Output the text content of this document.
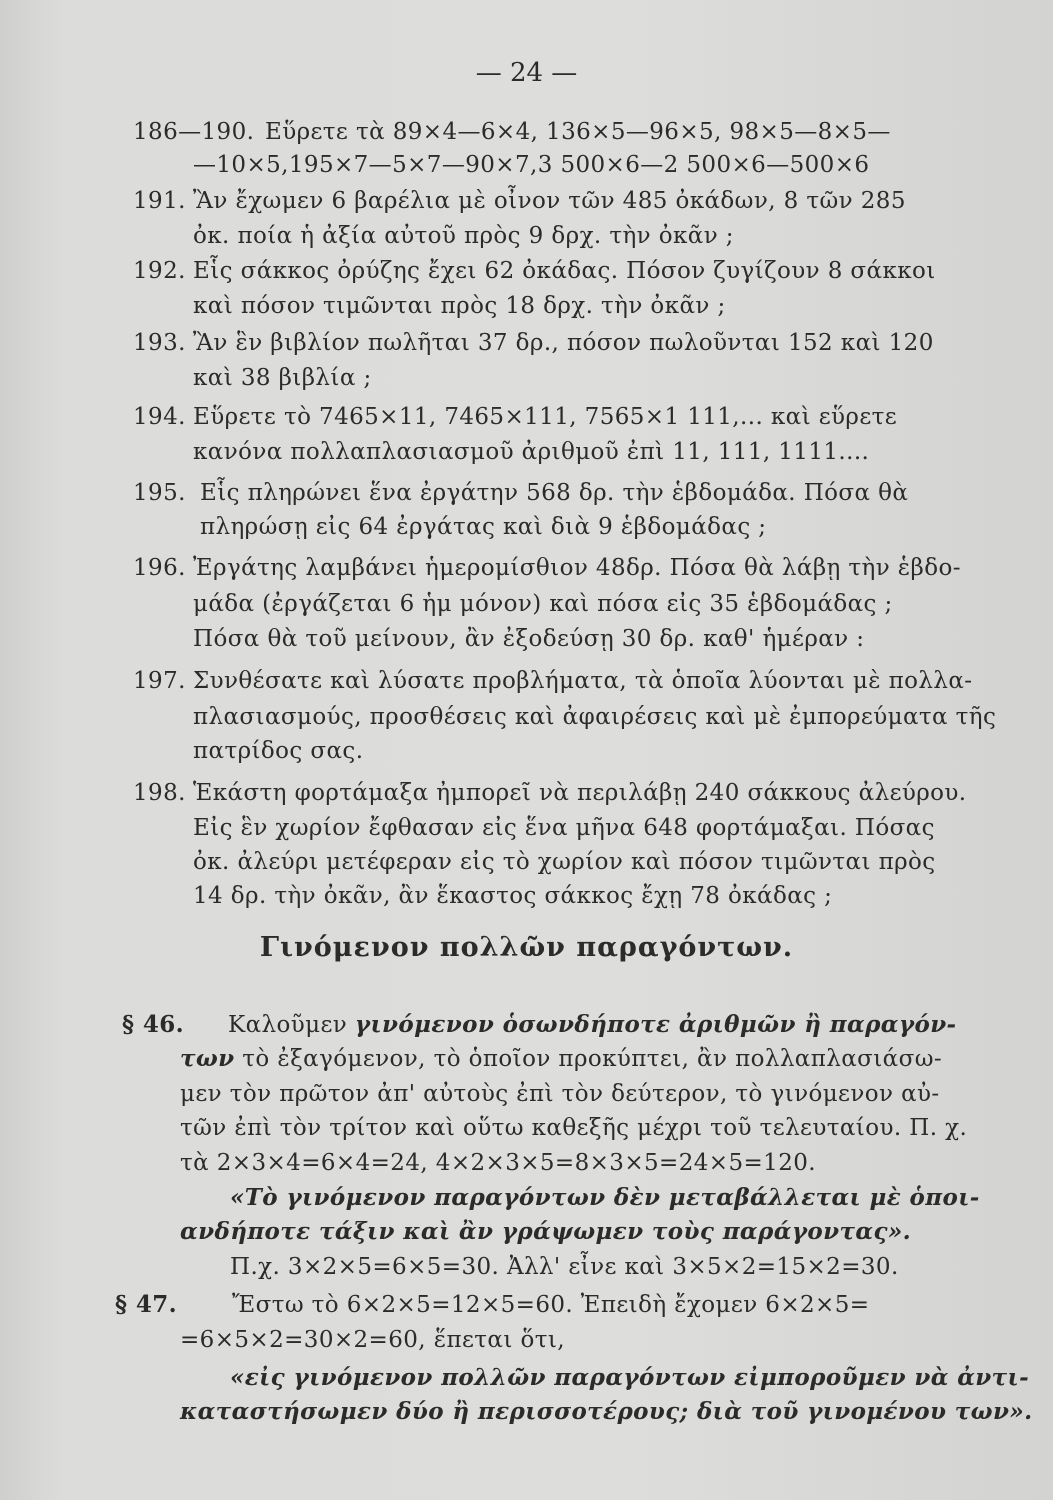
— 24 —
186—190. Εὕρετε τὰ 89×4—6×4, 136×5—96×5, 98×5—8×5—
—10×5,195×7—5×7—90×7,3 500×6—2 500×6—500×6
191. Ἂν ἔχωμεν 6 βαρέλια μὲ οἶνον τῶν 485 ὀκάδων, 8 τῶν 285
ὀκ. ποία ἡ ἀξία αὐτοῦ πρὸς 9 δρχ. τὴν ὀκᾶν ;
192. Εἷς σάκκος ὀρύζης ἔχει 62 ὀκάδας. Πόσον ζυγίζουν 8 σάκκοι
καὶ πόσον τιμῶνται πρὸς 18 δρχ. τὴν ὀκᾶν ;
193. Ἂν ἓν βιβλίον πωλῆται 37 δρ., πόσον πωλοῦνται 152 καὶ 120
καὶ 38 βιβλία ;
194. Εὕρετε τὸ 7465×11, 7465×111, 7565×1 111,... καὶ εὕρετε
κανόνα πολλαπλασιασμοῦ ἀριθμοῦ ἐπὶ 11, 111, 1111....
195. Εἷς πληρώνει ἕνα ἐργάτην 568 δρ. τὴν ἑβδομάδα. Πόσα θὰ
πληρώσῃ εἰς 64 ἐργάτας καὶ διὰ 9 ἑβδομάδας ;
196. Ἐργάτης λαμβάνει ἡμερομίσθιον 48δρ. Πόσα θὰ λάβῃ τὴν ἑβδο-
μάδα (ἐργάζεται 6 ἡμ μόνον) καὶ πόσα εἰς 35 ἑβδομάδας ;
Πόσα θὰ τοῦ μείνουν, ἂν ἐξοδεύσῃ 30 δρ. καθ' ἡμέραν :
197. Συνθέσατε καὶ λύσατε προβλήματα, τὰ ὁποῖα λύονται μὲ πολλα-
πλασιασμούς, προσθέσεις καὶ ἀφαιρέσεις καὶ μὲ ἐμπορεύματα τῆς
πατρίδος σας.
198. Ἑκάστη φορτάμαξα ἠμπορεῖ νὰ περιλάβῃ 240 σάκκους ἀλεύρου.
Εἰς ἓν χωρίον ἔφθασαν εἰς ἕνα μῆνα 648 φορτάμαξαι. Πόσας
ὀκ. ἀλεύρι μετέφεραν εἰς τὸ χωρίον καὶ πόσον τιμῶνται πρὸς
14 δρ. τὴν ὀκᾶν, ἂν ἕκαστος σάκκος ἔχῃ 78 ὀκάδας ;
Γινόμενον πολλῶν παραγόντων.
§ 46. Καλοῦμεν γινόμενον ὁσωνδήποτε ἀριθμῶν ἢ παραγόν-
των τὸ ἐξαγόμενον, τὸ ὁποῖον προκύπτει, ἂν πολλαπλασιάσω-
μεν τὸν πρῶτον ἀπ' αὐτοὺς ἐπὶ τὸν δεύτερον, τὸ γινόμενον αὐ-
τῶν ἐπὶ τὸν τρίτον καὶ οὕτω καθεξῆς μέχρι τοῦ τελευταίου. Π. χ.
τὰ 2×3×4=6×4=24, 4×2×3×5=8×3×5=24×5=120.
«Τὸ γινόμενον παραγόντων δὲν μεταβάλλεται μὲ ὁποι-
ανδήποτε τάξιν καὶ ἂν γράψωμεν τοὺς παράγοντας».
Π.χ. 3×2×5=6×5=30. Ἀλλ' εἶνε καὶ 3×5×2=15×2=30.
§ 47. Ἔστω τὸ 6×2×5=12×5=60. Ἐπειδὴ ἔχομεν 6×2×5=
=6×5×2=30×2=60, ἕπεται ὅτι,
«εἰς γινόμενον πολλῶν παραγόντων εἰμποροῦμεν νὰ ἀντι-
καταστήσωμεν δύο ἢ περισσοτέρους; διὰ τοῦ γινομένου των».
